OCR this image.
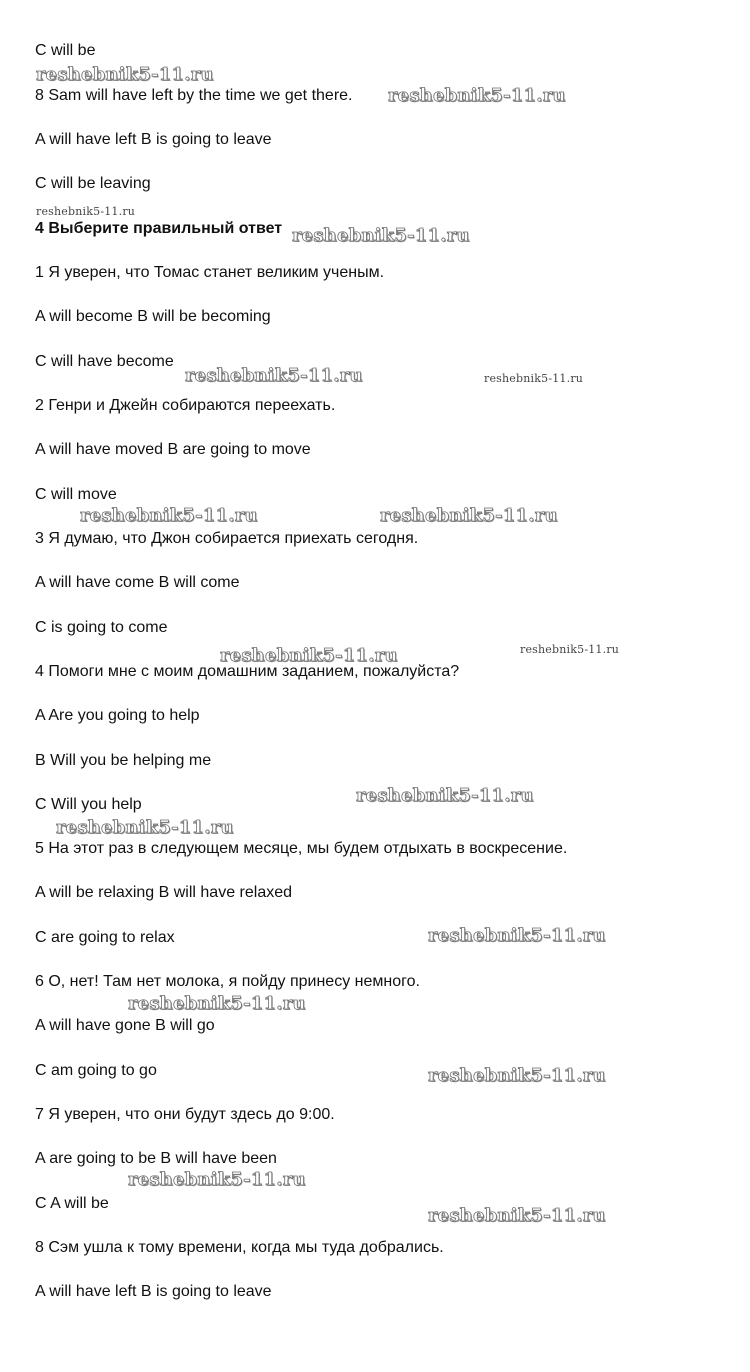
C will be
8 Sam will have left by the time we get there.
A will have left B is going to leave
C will be leaving
4 Выберите правильный ответ
1 Я уверен, что Томас станет великим ученым.
A will become B will be becoming
C will have become
2 Генри и Джейн собираются переехать.
A will have moved B are going to move
C will move
3 Я думаю, что Джон собирается приехать сегодня.
A will have come B will come
C is going to come
4 Помоги мне с моим домашним заданием, пожалуйста?
A Are you going to help
B Will you be helping me
C Will you help
5 На этот раз в следующем месяце, мы будем отдыхать в воскресение.
A will be relaxing B will have relaxed
C are going to relax
6 О, нет! Там нет молока, я пойду принесу немного.
A will have gone B will go
C am going to go
7 Я уверен, что они будут здесь до 9:00.
A are going to be B will have been
C A will be
8 Сэм ушла к тому времени, когда мы туда добрались.
A will have left B is going to leave
reshebnik5-11.ru
reshebnik5-11.ru
reshebnik5-11.ru
reshebnik5-11.ru
reshebnik5-11.ru	reshebnik5-11.ru
reshebnik5-11.ru	reshebnik5-11.ru
reshebnik5-11.ru	reshebnik5-11.ru
reshebnik5-11.ru
reshebnik5-11.ru
reshebnik5-11.ru
reshebnik5-11.ru
reshebnik5-11.ru
reshebnik5-11.ru
reshebnik5-11.ru
